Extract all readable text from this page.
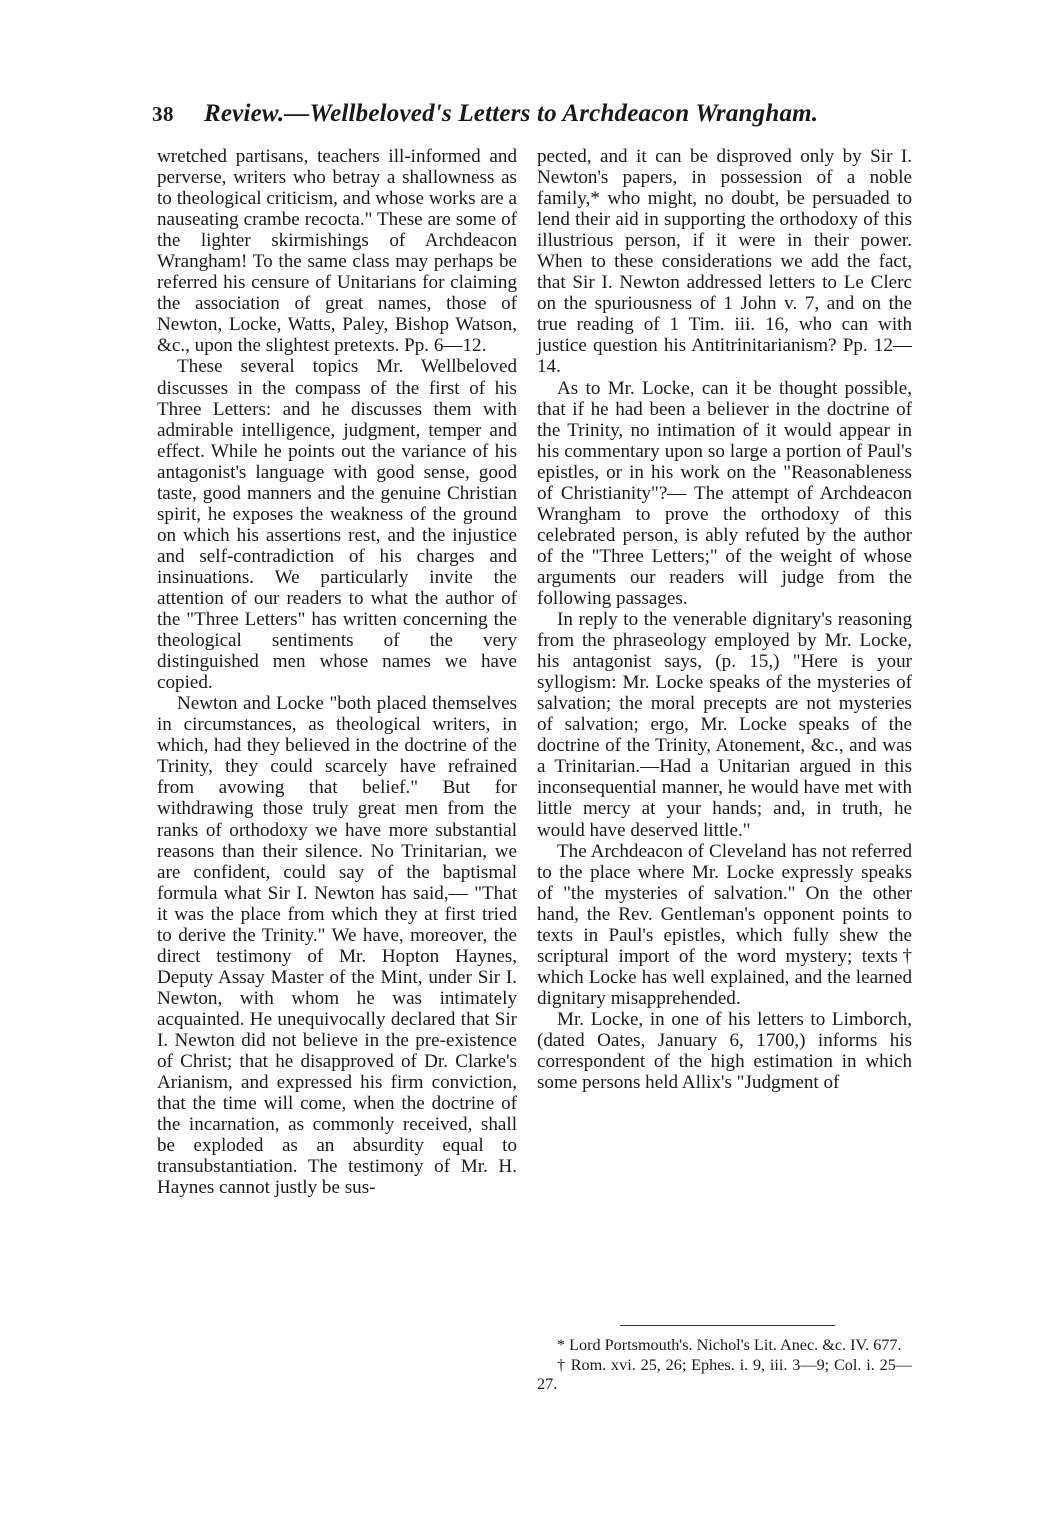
38 Review.—Wellbeloved's Letters to Archdeacon Wrangham.

wretched partisans, teachers ill-informed and perverse, writers who betray a shallowness as to theological criticism, and whose works are a nauseating crambe recocta." These are some of the lighter skirmishings of Archdeacon Wrangham! To the same class may perhaps be referred his censure of Unitarians for claiming the association of great names, those of Newton, Locke, Watts, Paley, Bishop Watson, &c., upon the slightest pretexts. Pp. 6—12.

These several topics Mr. Wellbeloved discusses in the compass of the first of his Three Letters: and he discusses them with admirable intelligence, judgment, temper and effect. While he points out the variance of his antagonist's language with good sense, good taste, good manners and the genuine Christian spirit, he exposes the weakness of the ground on which his assertions rest, and the injustice and self-contradiction of his charges and insinuations. We particularly invite the attention of our readers to what the author of the "Three Letters" has written concerning the theological sentiments of the very distinguished men whose names we have copied.

Newton and Locke "both placed themselves in circumstances, as theological writers, in which, had they believed in the doctrine of the Trinity, they could scarcely have refrained from avowing that belief." But for withdrawing those truly great men from the ranks of orthodoxy we have more substantial reasons than their silence. No Trinitarian, we are confident, could say of the baptismal formula what Sir I. Newton has said,— "That it was the place from which they at first tried to derive the Trinity." We have, moreover, the direct testimony of Mr. Hopton Haynes, Deputy Assay Master of the Mint, under Sir I. Newton, with whom he was intimately acquainted. He unequivocally declared that Sir I. Newton did not believe in the pre-existence of Christ; that he disapproved of Dr. Clarke's Arianism, and expressed his firm conviction, that the time will come, when the doctrine of the incarnation, as commonly received, shall be exploded as an absurdity equal to transubstantiation. The testimony of Mr. H. Haynes cannot justly be sus-

pected, and it can be disproved only by Sir I. Newton's papers, in possession of a noble family,* who might, no doubt, be persuaded to lend their aid in supporting the orthodoxy of this illustrious person, if it were in their power. When to these considerations we add the fact, that Sir I. Newton addressed letters to Le Clerc on the spuriousness of 1 John v. 7, and on the true reading of 1 Tim. iii. 16, who can with justice question his Antitrinitarianism? Pp. 12—14.

As to Mr. Locke, can it be thought possible, that if he had been a believer in the doctrine of the Trinity, no intimation of it would appear in his commentary upon so large a portion of Paul's epistles, or in his work on the "Reasonableness of Christianity"?— The attempt of Archdeacon Wrangham to prove the orthodoxy of this celebrated person, is ably refuted by the author of the "Three Letters;" of the weight of whose arguments our readers will judge from the following passages.

In reply to the venerable dignitary's reasoning from the phraseology employed by Mr. Locke, his antagonist says, (p. 15,) "Here is your syllogism: Mr. Locke speaks of the mysteries of salvation; the moral precepts are not mysteries of salvation; ergo, Mr. Locke speaks of the doctrine of the Trinity, Atonement, &c., and was a Trinitarian.—Had a Unitarian argued in this inconsequential manner, he would have met with little mercy at your hands; and, in truth, he would have deserved little."

The Archdeacon of Cleveland has not referred to the place where Mr. Locke expressly speaks of "the mysteries of salvation." On the other hand, the Rev. Gentleman's opponent points to texts in Paul's epistles, which fully shew the scriptural import of the word mystery; texts† which Locke has well explained, and the learned dignitary misapprehended.

Mr. Locke, in one of his letters to Limborch, (dated Oates, January 6, 1700,) informs his correspondent of the high estimation in which some persons held Allix's "Judgment of

* Lord Portsmouth's. Nichol's Lit. Anec. &c. IV. 677.

† Rom. xvi. 25, 26; Ephes. i. 9, iii. 3—9; Col. i. 25—27.
